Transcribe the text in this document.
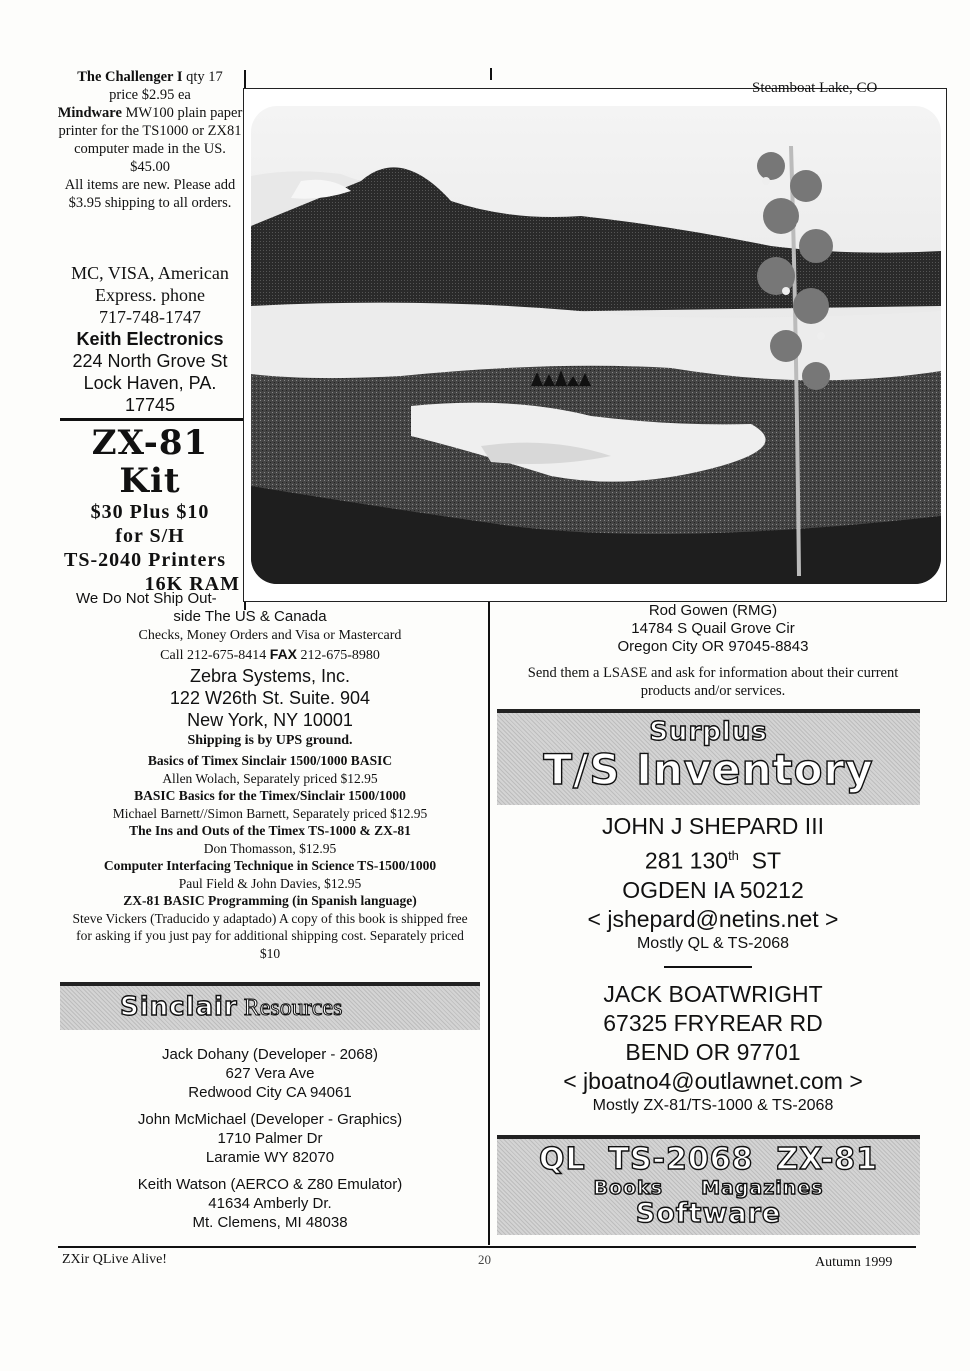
The Challenger I qty 17
price $2.95 ea
Mindware MW100 plain paper printer for the TS1000 or ZX81 computer made in the US.
$45.00
All items are new. Please add $3.95 shipping to all orders.
MC, VISA, American Express. phone
717-748-1747
Keith Electronics
224 North Grove St
Lock Haven, PA.
17745
ZX-81
Kit
$30 Plus $10
for S/H
TS-2040 Printers
16K RAM
We Do Not Ship Out-
side The US & Canada
Checks, Money Orders and Visa or Mastercard
Call 212-675-8414 FAX 212-675-8980
Zebra Systems, Inc.
122 W26th St. Suite. 904
New York, NY 10001
Shipping is by UPS ground.
Basics of Timex Sinclair 1500/1000 BASIC
Allen Wolach, Separately priced $12.95
BASIC Basics for the Timex/Sinclair 1500/1000
Michael Barnett//Simon Barnett, Separately priced $12.95
The Ins and Outs of the Timex TS-1000 & ZX-81
Don Thomasson, $12.95
Computer Interfacing Technique in Science TS-1500/1000
Paul Field & John Davies, $12.95
ZX-81 BASIC Programming (in Spanish language)
Steve Vickers (Traducido y adaptado) A copy of this book is shipped free for asking if you just pay for additional shipping cost. Separately priced $10
Sinclair Resources
Jack Dohany (Developer - 2068)
627 Vera Ave
Redwood City CA 94061
John McMichael (Developer - Graphics)
1710 Palmer Dr
Laramie WY 82070
Keith Watson (AERCO & Z80 Emulator)
41634 Amberly Dr.
Mt. Clemens, MI 48038
Steamboat Lake, CO
Rod Gowen (RMG)
14784 S Quail Grove Cir
Oregon City OR 97045-8843
Send them a LSASE and ask for information about their current products and/or services.
Surplus
T/S Inventory
JOHN J SHEPARD III
281 130th  ST
OGDEN IA 50212
< jshepard@netins.net >
Mostly QL & TS-2068
JACK BOATWRIGHT
67325 FRYREAR RD
BEND OR 97701
< jboatno4@outlawnet.com >
Mostly ZX-81/TS-1000 & TS-2068
QL  TS-2068  ZX-81
Books     Magazines
Software
ZXir QLive Alive!	20	Autumn 1999
